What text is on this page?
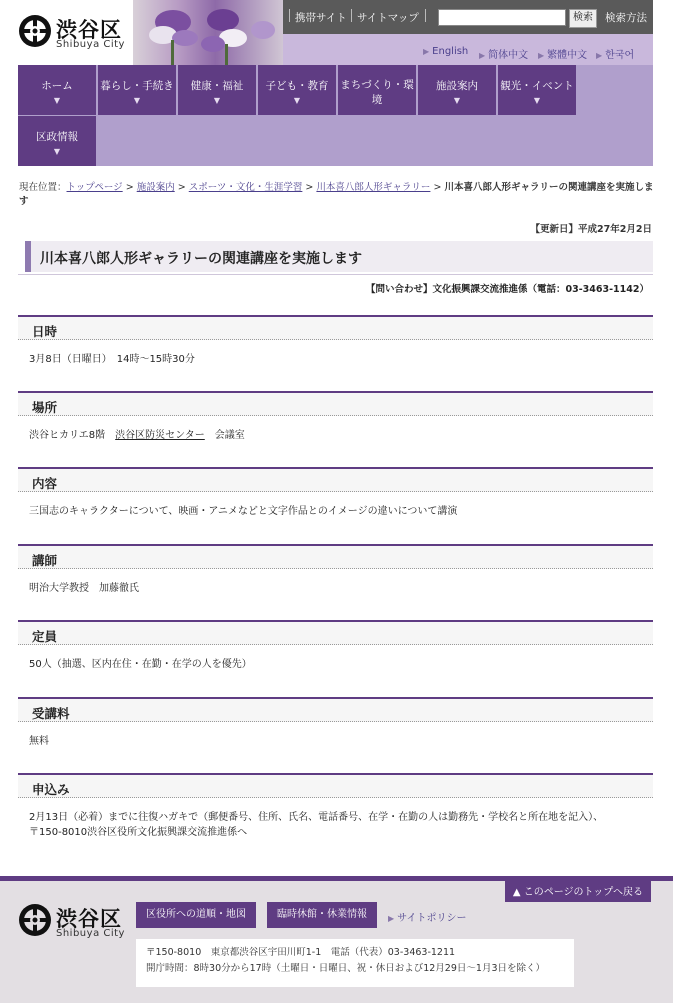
渋谷区
Shibuya City
携帯サイト サイトマップ	検索	検索方法
▶ English ▶ 简体中文 ▶ 繁體中文 ▶ 한국어
ホーム
▼
暮らし・手続き
▼
健康・福祉
▼
子ども・教育
▼
まちづくり・環境
施設案内
▼
観光・イベント
▼
区政情報
▼
現在位置：トップページ > 施設案内 > スポーツ・文化・生涯学習 > 川本喜八郎人形ギャラリー > 川本喜八郎人形ギャラリーの関連講座を実施します
【更新日】平成27年2月2日
川本喜八郎人形ギャラリーの関連講座を実施します
【問い合わせ】文化振興課交流推進係（電話：03-3463-1142）
日時
3月8日（日曜日）　14時～15時30分
場所
渋谷ヒカリエ8階　渋谷区防災センター　会議室
内容
三国志のキャラクターについて、映画・アニメなどと文字作品とのイメージの違いについて講演
講師
明治大学教授　加藤徹氏
定員
50人（抽選、区内在住・在勤・在学の人を優先）
受講料
無料
申込み
2月13日（必着）までに往復ハガキで（郵便番号、住所、氏名、電話番号、在学・在勤の人は勤務先・学校名と所在地を記入）、
〒150-8010渋谷区役所文化振興課交流推進係へ
▲ このページのトップへ戻る
渋谷区
Shibuya City
区役所への道順・地図	臨時休館・休業情報	▶ サイトポリシー
〒150-8010　東京都渋谷区宇田川町1-1　電話（代表）03-3463-1211
開庁時間：8時30分から17時（土曜日・日曜日、祝・休日および12月29日～1月3日を除く）
